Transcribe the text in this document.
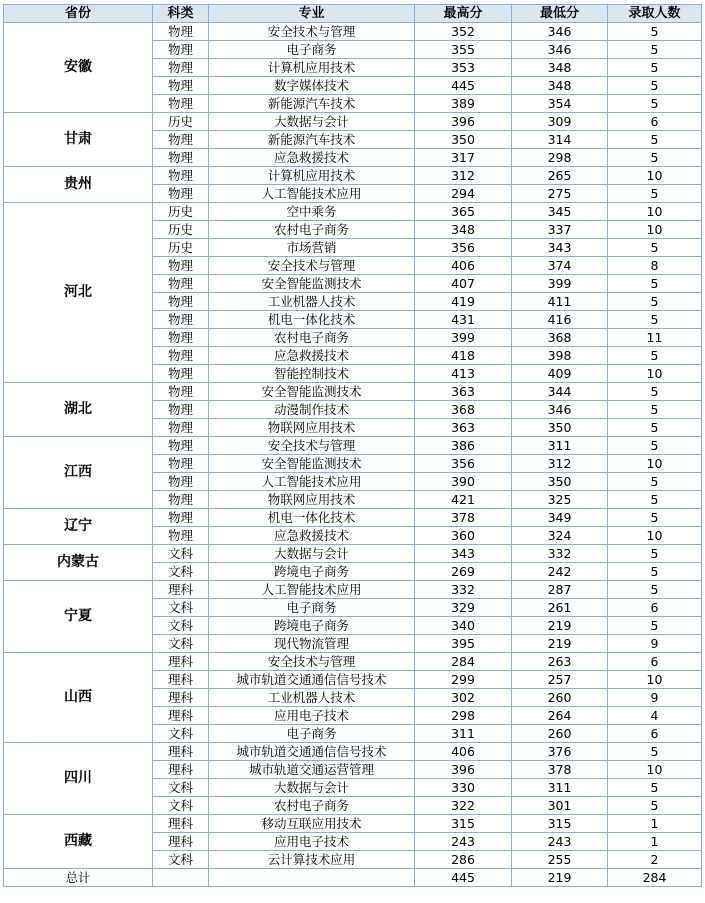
省份	科类	专业	最高分	最低分	录取人数
安徽	物理	安全技术与管理	352	346	5
	物理	电子商务	355	346	5
	物理	计算机应用技术	353	348	5
	物理	数字媒体技术	445	348	5
	物理	新能源汽车技术	389	354	5
甘肃	历史	大数据与会计	396	309	6
	物理	新能源汽车技术	350	314	5
	物理	应急救援技术	317	298	5
贵州	物理	计算机应用技术	312	265	10
	物理	人工智能技术应用	294	275	5
河北	历史	空中乘务	365	345	10
	历史	农村电子商务	348	337	10
	历史	市场营销	356	343	5
	物理	安全技术与管理	406	374	8
	物理	安全智能监测技术	407	399	5
	物理	工业机器人技术	419	411	5
	物理	机电一体化技术	431	416	5
	物理	农村电子商务	399	368	11
	物理	应急救援技术	418	398	5
	物理	智能控制技术	413	409	10
湖北	物理	安全智能监测技术	363	344	5
	物理	动漫制作技术	368	346	5
	物理	物联网应用技术	363	350	5
江西	物理	安全技术与管理	386	311	5
	物理	安全智能监测技术	356	312	10
	物理	人工智能技术应用	390	350	5
	物理	物联网应用技术	421	325	5
辽宁	物理	机电一体化技术	378	349	5
	物理	应急救援技术	360	324	10
内蒙古	文科	大数据与会计	343	332	5
	文科	跨境电子商务	269	242	5
宁夏	理科	人工智能技术应用	332	287	5
	文科	电子商务	329	261	6
	文科	跨境电子商务	340	219	5
	文科	现代物流管理	395	219	9
山西	理科	安全技术与管理	284	263	6
	理科	城市轨道交通通信信号技术	299	257	10
	理科	工业机器人技术	302	260	9
	理科	应用电子技术	298	264	4
	文科	电子商务	311	260	6
四川	理科	城市轨道交通通信信号技术	406	376	5
	理科	城市轨道交通运营管理	396	378	10
	文科	大数据与会计	330	311	5
	文科	农村电子商务	322	301	5
西藏	理科	移动互联应用技术	315	315	1
	理科	应用电子技术	243	243	1
	文科	云计算技术应用	286	255	2
总计			445	219	284
